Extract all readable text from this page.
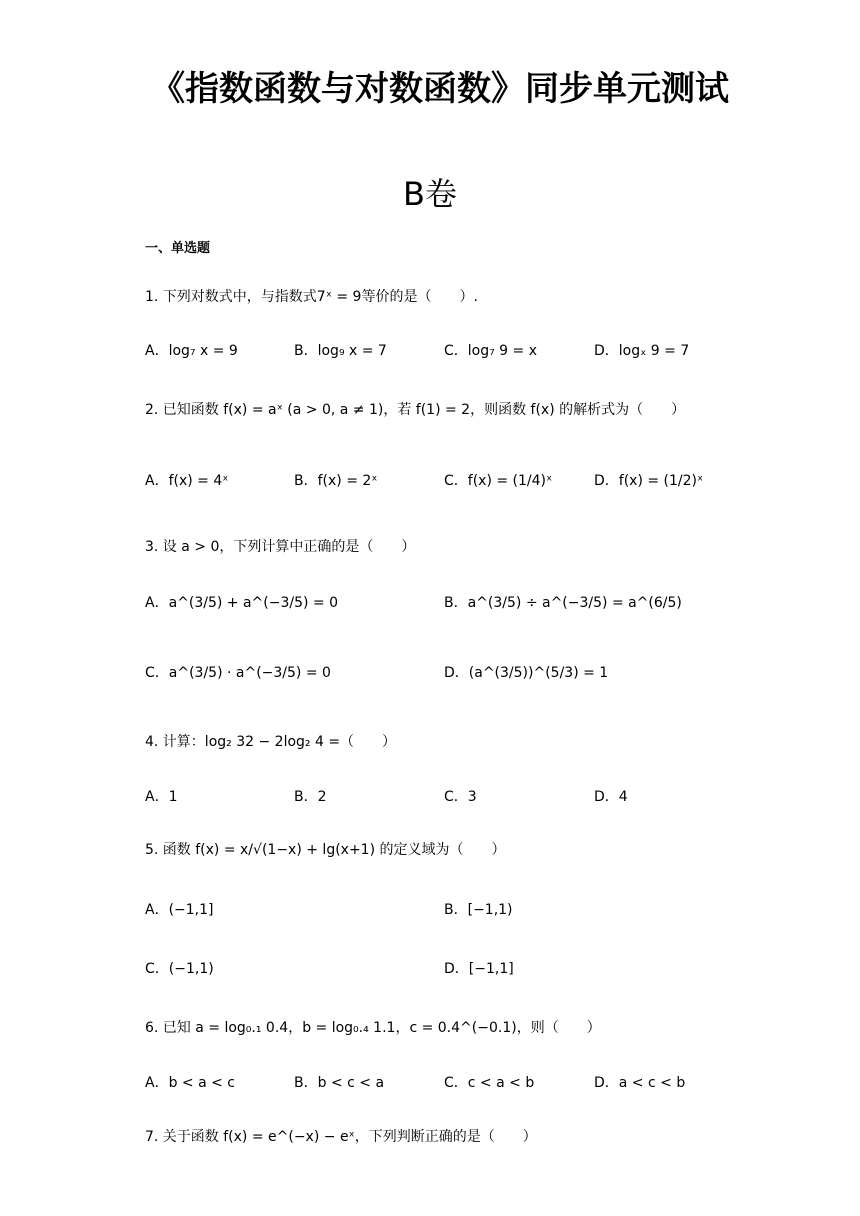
《指数函数与对数函数》同步单元测试
B卷
一、单选题
1. 下列对数式中，与指数式7ˣ = 9等价的是（　　）.
A．log₇ x = 9	B．log₉ x = 7	C．log₇ 9 = x	D．logₓ 9 = 7
2. 已知函数 f(x) = aˣ (a > 0, a ≠ 1)，若 f(1) = 2，则函数 f(x) 的解析式为（　　）
A．f(x) = 4ˣ	B．f(x) = 2ˣ	C．f(x) = (1/4)ˣ	D．f(x) = (1/2)ˣ
3. 设 a > 0，下列计算中正确的是（　　）
A．a^(3/5) + a^(−3/5) = 0	B．a^(3/5) ÷ a^(−3/5) = a^(6/5)
C．a^(3/5) · a^(−3/5) = 0	D．(a^(3/5))^(5/3) = 1
4. 计算：log₂ 32 − 2log₂ 4 =（　　）
A．1	B．2	C．3	D．4
5. 函数 f(x) = x/√(1−x) + lg(x+1) 的定义域为（　　）
A．(−1,1]	B．[−1,1)
C．(−1,1)	D．[−1,1]
6. 已知 a = log₀.₁ 0.4，b = log₀.₄ 1.1，c = 0.4^(−0.1)，则（　　）
A．b < a < c	B．b < c < a	C．c < a < b	D．a < c < b
7. 关于函数 f(x) = e^(−x) − eˣ，下列判断正确的是（　　）
